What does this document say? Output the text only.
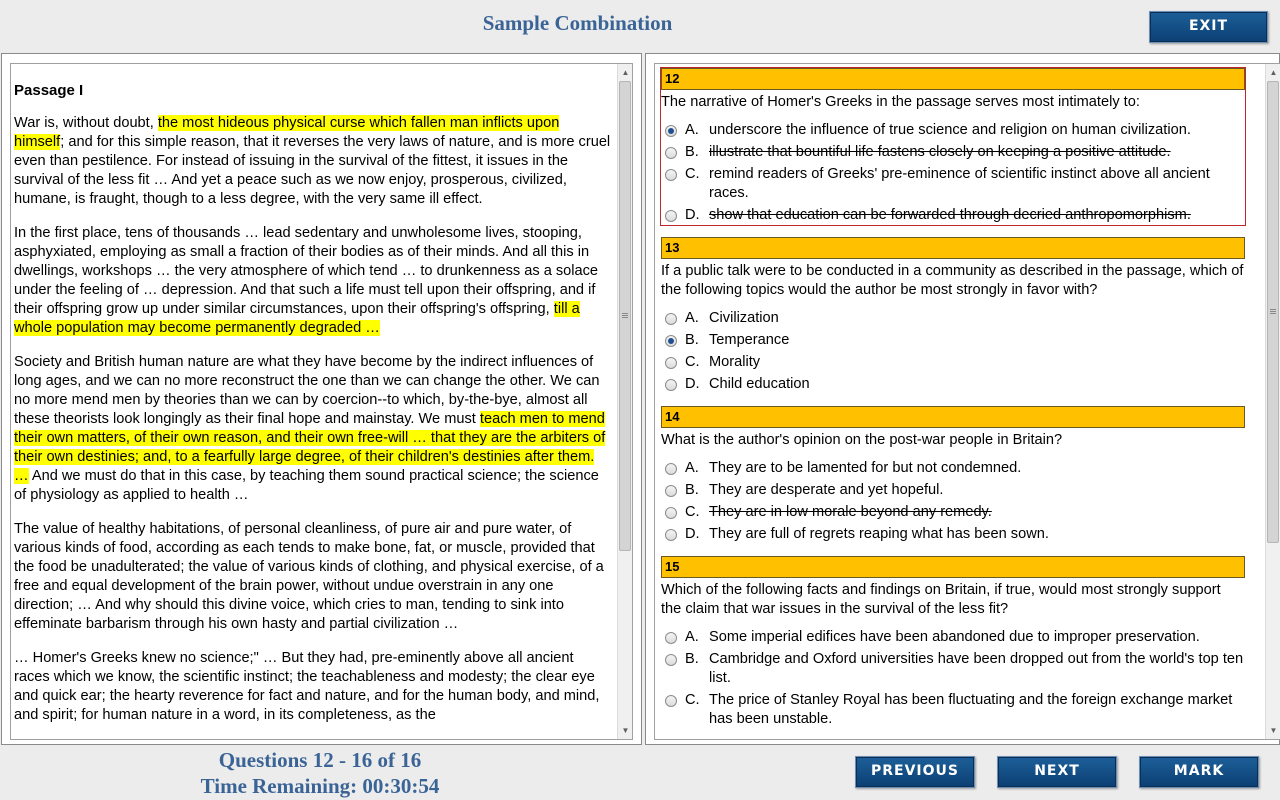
Sample Combination	EXIT
Passage I

War is, without doubt, the most hideous physical curse which fallen man inflicts upon himself; and for this simple reason, that it reverses the very laws of nature, and is more cruel even than pestilence. For instead of issuing in the survival of the fittest, it issues in the survival of the less fit … And yet a peace such as we now enjoy, prosperous, civilized, humane, is fraught, though to a less degree, with the very same ill effect.

In the first place, tens of thousands … lead sedentary and unwholesome lives, stooping, asphyxiated, employing as small a fraction of their bodies as of their minds. And all this in dwellings, workshops … the very atmosphere of which tend … to drunkenness as a solace under the feeling of … depression. And that such a life must tell upon their offspring, and if their offspring grow up under similar circumstances, upon their offspring's offspring, till a whole population may become permanently degraded …

Society and British human nature are what they have become by the indirect influences of long ages, and we can no more reconstruct the one than we can change the other. We can no more mend men by theories than we can by coercion--to which, by-the-bye, almost all these theorists look longingly as their final hope and mainstay. We must teach men to mend their own matters, of their own reason, and their own free-will … that they are the arbiters of their own destinies; and, to a fearfully large degree, of their children's destinies after them. … And we must do that in this case, by teaching them sound practical science; the science of physiology as applied to health …

The value of healthy habitations, of personal cleanliness, of pure air and pure water, of various kinds of food, according as each tends to make bone, fat, or muscle, provided that the food be unadulterated; the value of various kinds of clothing, and physical exercise, of a free and equal development of the brain power, without undue overstrain in any one direction; … And why should this divine voice, which cries to man, tending to sink into effeminate barbarism through his own hasty and partial civilization …

… Homer's Greeks knew no science;" … But they had, pre-eminently above all ancient races which we know, the scientific instinct; the teachableness and modesty; the clear eye and quick ear; the hearty reverence for fact and nature, and for the human body, and mind, and spirit; for human nature in a word, in its completeness, as the

▲
▼
12
The narrative of Homer's Greeks in the passage serves most intimately to:
A. underscore the influence of true science and religion on human civilization.
B. illustrate that bountiful life fastens closely on keeping a positive attitude.
C. remind readers of Greeks' pre-eminence of scientific instinct above all ancient races.
D. show that education can be forwarded through decried anthropomorphism.
13
If a public talk were to be conducted in a community as described in the passage, which of the following topics would the author be most strongly in favor with?
A. Civilization
B. Temperance
C. Morality
D. Child education
14
What is the author's opinion on the post-war people in Britain?
A. They are to be lamented for but not condemned.
B. They are desperate and yet hopeful.
C. They are in low morale beyond any remedy.
D. They are full of regrets reaping what has been sown.
15
Which of the following facts and findings on Britain, if true, would most strongly support the claim that war issues in the survival of the less fit?
A. Some imperial edifices have been abandoned due to improper preservation.
B. Cambridge and Oxford universities have been dropped out from the world's top ten list.
C. The price of Stanley Royal has been fluctuating and the foreign exchange market has been unstable.
▲
▼
Questions 12 - 16 of 16
Time Remaining: 00:30:54
PREVIOUS	NEXT	MARK
